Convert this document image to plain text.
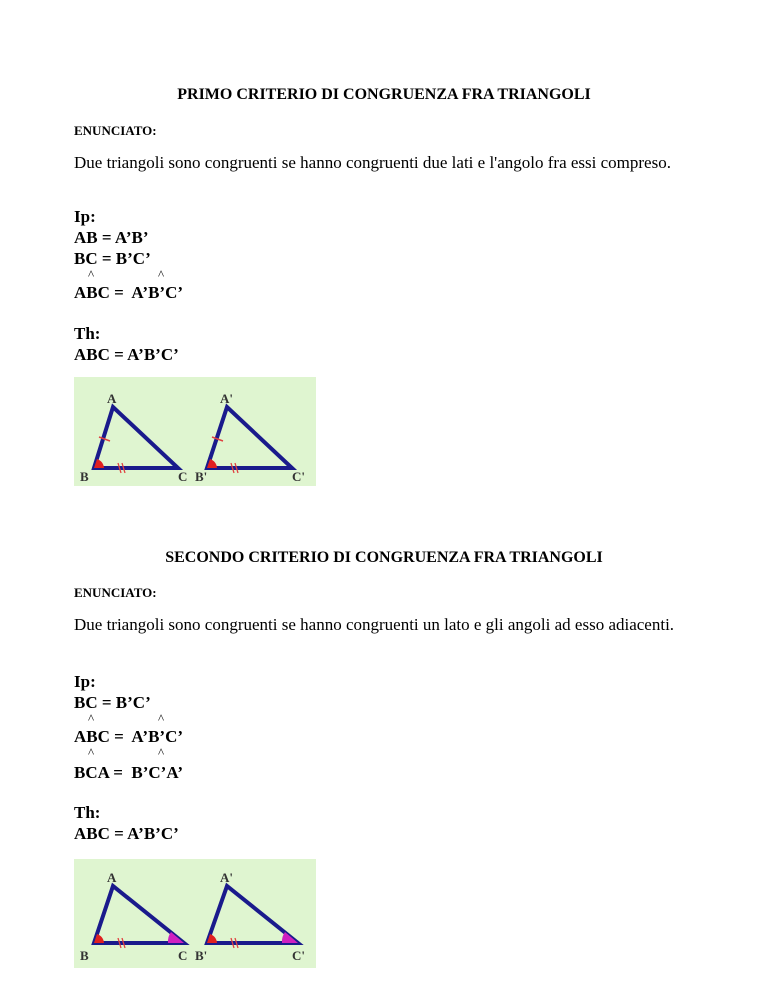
PRIMO CRITERIO DI CONGRUENZA FRA TRIANGOLI
ENUNCIATO:
Due triangoli sono congruenti se hanno congruenti due lati e l'angolo fra essi compreso.
Ip:
AB = A’B’
BC = B’C’
^	^
ABC =  A’B’C’
Th:
ABC = A’B’C’
A
B	C
A'
B'	C'
SECONDO CRITERIO DI CONGRUENZA FRA TRIANGOLI
ENUNCIATO:
Due triangoli sono congruenti se hanno congruenti un lato e gli angoli ad esso adiacenti.
Ip:
BC = B’C’
^	^
ABC =  A’B’C’
^	^
BCA =  B’C’A’
Th:
ABC = A’B’C’
A
B	C
A'
B'	C'
